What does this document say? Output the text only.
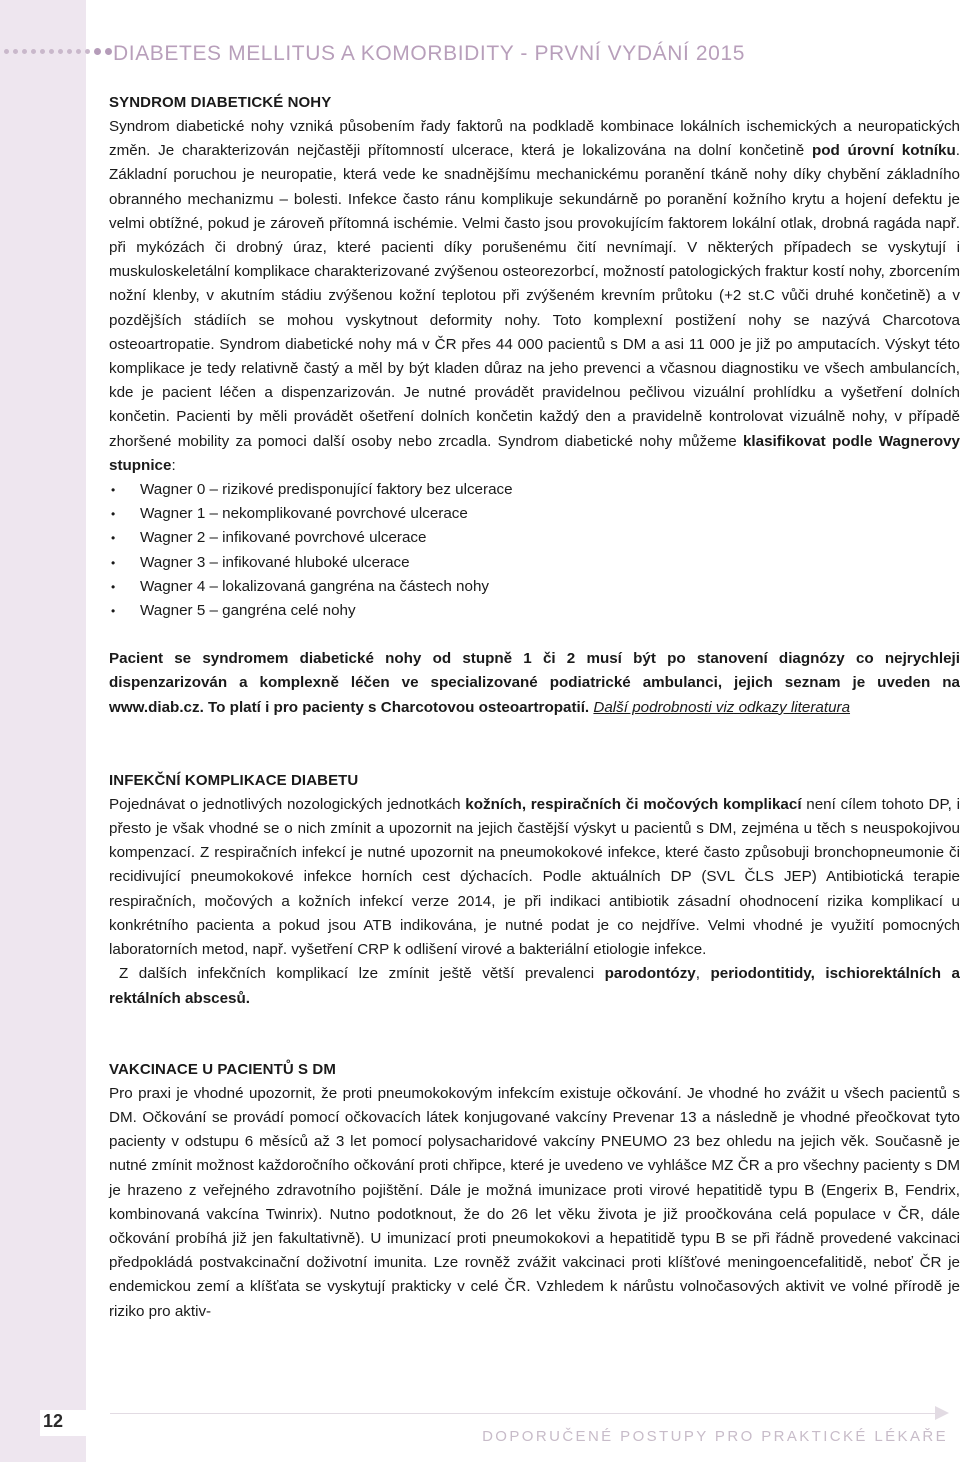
DIABETES MELLITUS A KOMORBIDITY - PRVNÍ VYDÁNÍ 2015
SYNDROM DIABETICKÉ NOHY

Syndrom diabetické nohy vzniká působením řady faktorů na podkladě kombinace lokálních ischemických a neuropatických změn. Je charakterizován nejčastěji přítomností ulcerace, která je lokalizována na dolní končetině pod úrovní kotníku. Základní poruchou je neuropatie, která vede ke snadnějšímu mechanickému poranění tkáně nohy díky chybění základního obranného mechanizmu – bolesti. Infekce často ránu komplikuje sekundárně po poranění kožního krytu a hojení defektu je velmi obtížné, pokud je zároveň přítomná ischémie. Velmi často jsou provokujícím faktorem lokální otlak, drobná ragáda např. při mykózách či drobný úraz, které pacienti díky porušenému čití nevnímají. V některých případech se vyskytují i muskuloskeletální komplikace charakterizované zvýšenou osteorezorbcí, možností patologických fraktur kostí nohy, zborcením nožní klenby, v akutním stádiu zvýšenou kožní teplotou při zvýšeném krevním průtoku (+2 st.C vůči druhé končetině) a v pozdějších stádiích se mohou vyskytnout deformity nohy. Toto komplexní postižení nohy se nazývá Charcotova osteoartropatie. Syndrom diabetické nohy má v ČR přes 44 000 pacientů s DM a asi 11 000 je již po amputacích. Výskyt této komplikace je tedy relativně častý a měl by být kladen důraz na jeho prevenci a včasnou diagnostiku ve všech ambulancích, kde je pacient léčen a dispenzarizován. Je nutné provádět pravidelnou pečlivou vizuální prohlídku a vyšetření dolních končetin. Pacienti by měli provádět ošetření dolních končetin každý den a pravidelně kontrolovat vizuálně nohy, v případě zhoršené mobility za pomoci další osoby nebo zrcadla. Syndrom diabetické nohy můžeme klasifikovat podle Wagnerovy stupnice:

• Wagner 0 – rizikové predisponující faktory bez ulcerace
• Wagner 1 – nekomplikované povrchové ulcerace
• Wagner 2 – infikované povrchové ulcerace
• Wagner 3 – infikované hluboké ulcerace
• Wagner 4 – lokalizovaná gangréna na částech nohy
• Wagner 5 – gangréna celé nohy

Pacient se syndromem diabetické nohy od stupně 1 či 2 musí být po stanovení diagnózy co nejrychleji dispenzarizován a komplexně léčen ve specializované podiatrické ambulanci, jejich seznam je uveden na www.diab.cz. To platí i pro pacienty s Charcotovou osteoartropatií. Další podrobnosti viz odkazy literatura

INFEKČNÍ KOMPLIKACE DIABETU

Pojednávat o jednotlivých nozologických jednotkách kožních, respiračních či močových komplikací není cílem tohoto DP, i přesto je však vhodné se o nich zmínit a upozornit na jejich častější výskyt u pacientů s DM, zejména u těch s neuspokojivou kompenzací. Z respiračních infekcí je nutné upozornit na pneumokokové infekce, které často způsobuji bronchopneumonie či recidivující pneumokokové infekce horních cest dýchacích. Podle aktuálních DP (SVL ČLS JEP) Antibiotická terapie respiračních, močových a kožních infekcí verze 2014, je při indikaci antibiotik zásadní ohodnocení rizika komplikací u konkrétního pacienta a pokud jsou ATB indikována, je nutné podat je co nejdříve. Velmi vhodné je využití pomocných laboratorních metod, např. vyšetření CRP k odlišení virové a bakteriální etiologie infekce.

Z dalších infekčních komplikací lze zmínit ještě větší prevalenci parodontózy, periodontitidy, ischiorektálních a rektálních abscesů.

VAKCINACE U PACIENTŮ S DM

Pro praxi je vhodné upozornit, že proti pneumokokovým infekcím existuje očkování. Je vhodné ho zvážit u všech pacientů s DM. Očkování se provádí pomocí očkovacích látek konjugované vakcíny Prevenar 13 a následně je vhodné přeočkovat tyto pacienty v odstupu 6 měsíců až 3 let pomocí polysacharidové vakcíny PNEUMO 23 bez ohledu na jejich věk. Současně je nutné zmínit možnost každoročního očkování proti chřipce, které je uvedeno ve vyhlášce MZ ČR a pro všechny pacienty s DM je hrazeno z veřejného zdravotního pojištění. Dále je možná imunizace proti virové hepatitidě typu B (Engerix B, Fendrix, kombinovaná vakcína Twinrix). Nutno podotknout, že do 26 let věku života je již proočkována celá populace v ČR, dále očkování probíhá již jen fakultativně). U imunizací proti pneumokokovi a hepatitidě typu B se při řádně provedené vakcinaci předpokládá postvakcinační doživotní imunita. Lze rovněž zvážit vakcinaci proti klíšťové meningoencefalitidě, neboť ČR je endemickou zemí a klíšťata se vyskytují prakticky v celé ČR. Vzhledem k nárůstu volnočasových aktivit ve volné přírodě je riziko pro aktiv-

12
DOPORUČENÉ POSTUPY PRO PRAKTICKÉ LÉKAŘE
